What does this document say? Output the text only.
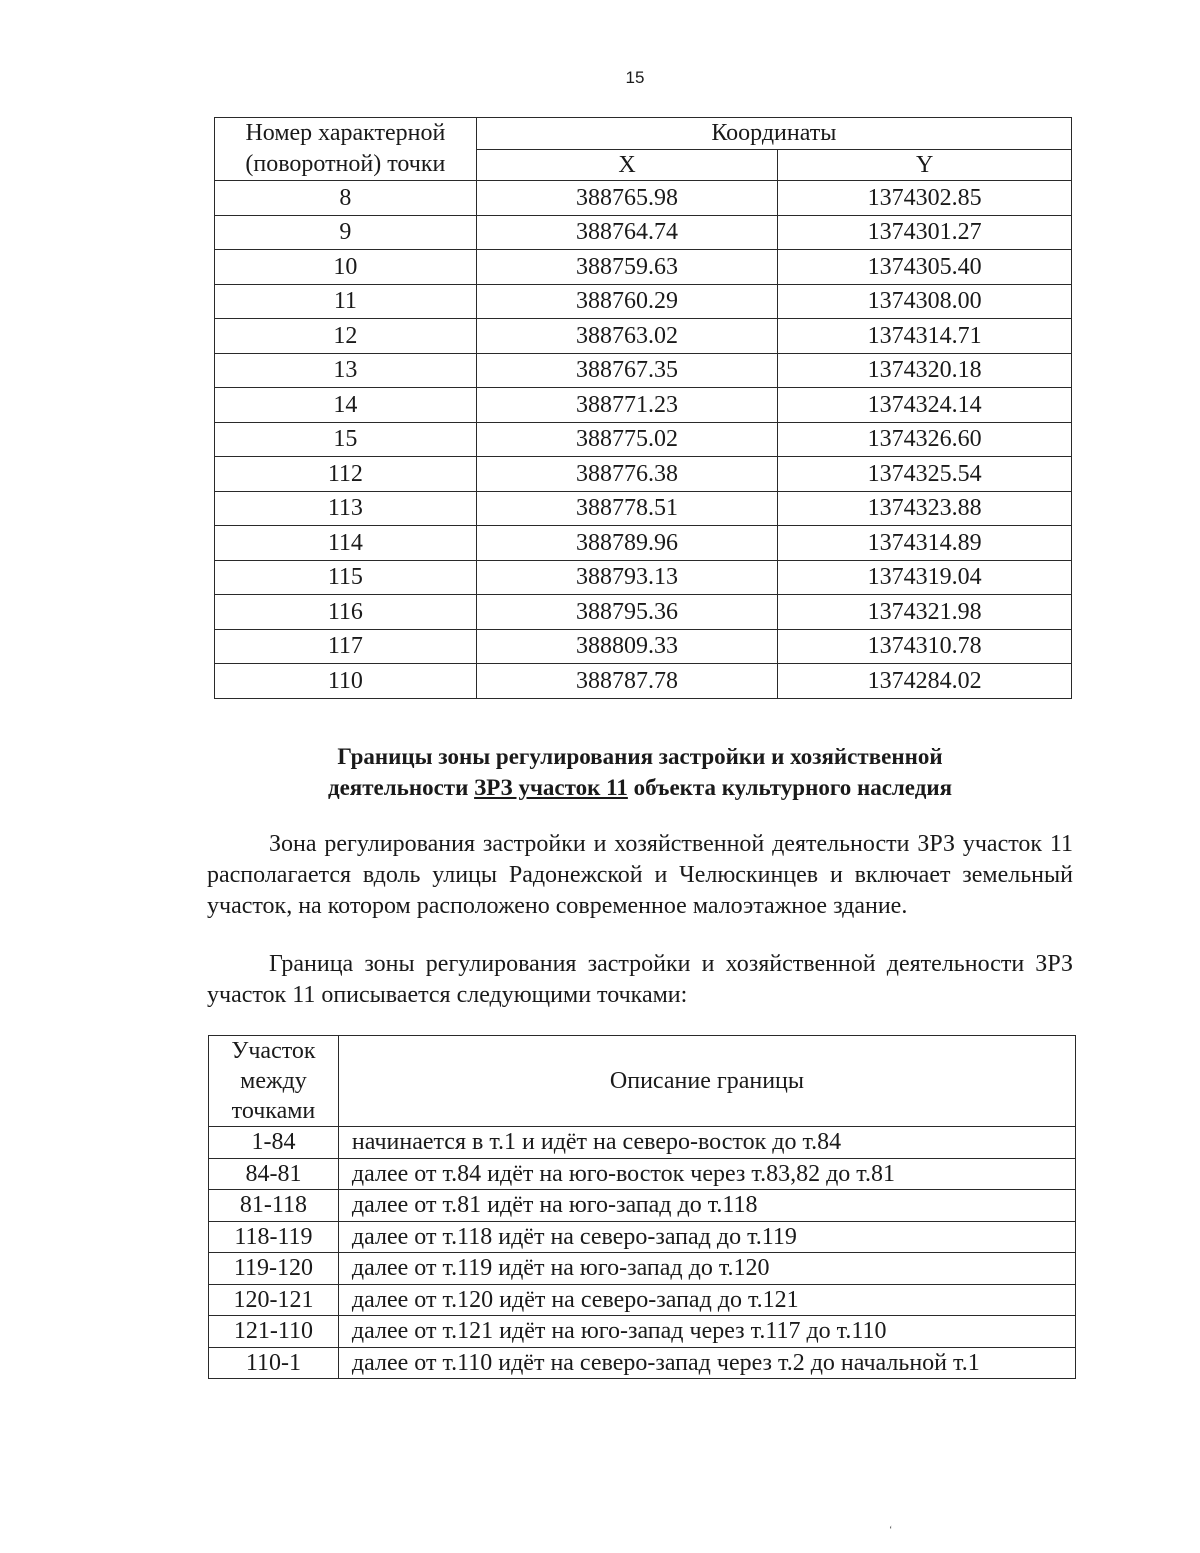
15
Номер характерной
(поворотной) точки	Координаты	
	X	Y
8	388765.98	1374302.85
9	388764.74	1374301.27
10	388759.63	1374305.40
11	388760.29	1374308.00
12	388763.02	1374314.71
13	388767.35	1374320.18
14	388771.23	1374324.14
15	388775.02	1374326.60
112	388776.38	1374325.54
113	388778.51	1374323.88
114	388789.96	1374314.89
115	388793.13	1374319.04
116	388795.36	1374321.98
117	388809.33	1374310.78
110	388787.78	1374284.02
Границы зоны регулирования застройки и хозяйственной
деятельности ЗРЗ участок 11 объекта культурного наследия

Зона регулирования застройки и хозяйственной деятельности ЗРЗ участок 11 располагается вдоль улицы Радонежской и Челюскинцев и включает земельный участок, на котором расположено современное малоэтажное здание.

Граница зоны регулирования застройки и хозяйственной деятельности ЗРЗ участок 11 описывается следующими точками:

Участок
между
точками	Описание границы
1-84	начинается в т.1 и идёт на северо-восток до т.84
84-81	далее от т.84 идёт на юго-восток через т.83,82 до т.81
81-118	далее от т.81 идёт на юго-запад до т.118
118-119	далее от т.118 идёт на северо-запад до т.119
119-120	далее от т.119 идёт на юго-запад до т.120
120-121	далее от т.120 идёт на северо-запад до т.121
121-110	далее от т.121 идёт на юго-запад через т.117 до т.110
110-1	далее от т.110 идёт на северо-запад через т.2 до начальной т.1
‘
